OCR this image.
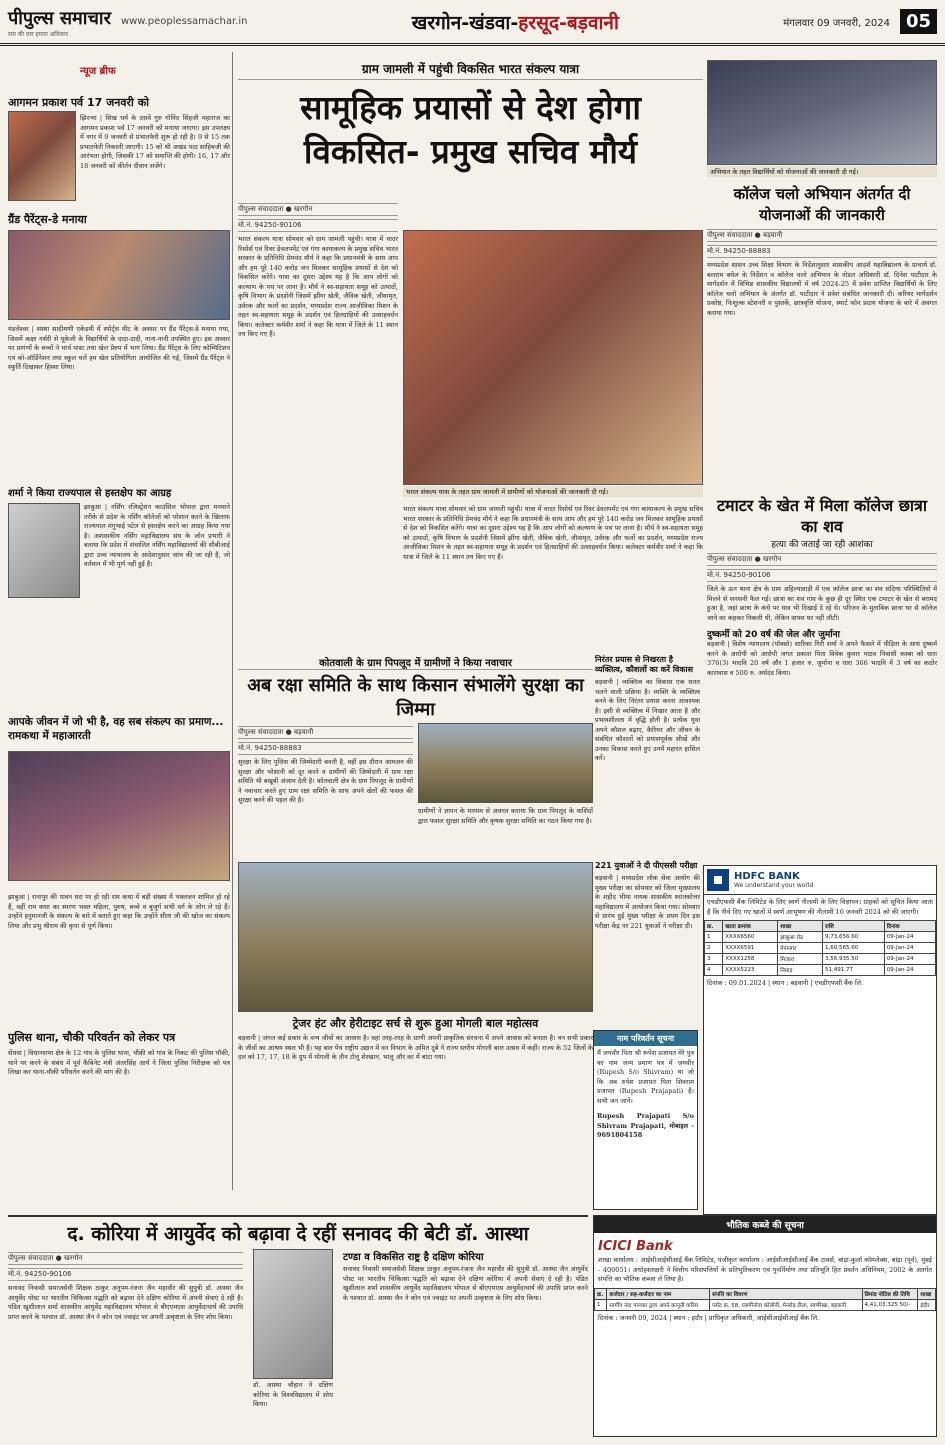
पीपुल्स समाचार
सच की धार हमारा अधिकार
www.peoplessamachar.in	खरगोन-खंडवा-हरसूद-बड़वानी	मंगलवार 09 जनवरी, 2024 05
न्यूज ब्रीफ
आगमन प्रकाश पर्व 17 जनवरी को
झिरन्या | सिख धर्म के दसवें गुरु गोविंद सिंहजी महाराज का आगमन प्रकाश पर्व 17 जनवरी को मनाया जाएगा। इस उपलक्ष्य में नगर में 9 जनवरी से प्रभातफेरी शुरू हो रही है। 9 से 15 तक प्रभातफेरी निकाली जाएगी। 15 को श्री अखंड पाठ साहिबजी की आरंभता होगी, जिसकी 17 को समाप्ति की होगी। 16, 17 और 18 जनवरी को कीर्तन दीवान सजेंगे।
ग्रैंड पैरेंट्स-डे मनाया
मंडलेश्वर | संस्था सादीमणी एकेडमी में स्पोर्ट्स मीट के अवसर पर ग्रैंड पैरेंट्स-डे मनाया गया, जिसमें कक्षा नर्सरी से यूकेजी के विद्यार्थियों के दादा-दादी, नाना-नानी उपस्थित हुए। इस अवसर पर प्रागंणों के बच्चों ने मार्च पास्ट तथा खेल प्रेरुप में भाग लिया। ग्रैंड पैरेंट्स के लिए कोम्पिटिशन एवं को-ऑर्डिनेशन तथा स्कूल चलें हम खेल प्रतियोगिता आयोजित की गई, जिसमें ग्रैंड पैरेंट्स ने स्फूर्ति दिखाकर हिस्सा लिया।
शर्मा ने किया राज्यपाल से हस्तक्षेप का आग्रह
झाबुआ | नर्सिंग रजिस्ट्रेशन काउंसिल भोपाल द्वारा मनमाने तरीके से प्रदेश के नर्सिंग कॉलेजों को परेशान करने के खिलाफ राज्यपाल मंगुभाई पटेल से हस्तक्षेप करने का आग्रह किया गया है। अशासकीय नर्सिंग महाविद्यालय संघ के जोन प्रभारी ने बताया कि प्रदेश में संचालित नर्सिंग महाविद्यालयों की सीबीआई द्वारा उच्च न्यायालय के आदेशानुसार जांच की जा रही है, जो वर्तमान में भी पूर्ण नहीं हुई है।
आपके जीवन में जो भी है, वह सब संकल्प का प्रमाण... रामकथा में महाआरती
झाबुआ | रानापुर की पावन धरा पर हो रही राम कथा में बड़ी संख्या में भक्तजन शामिल हो रहे हैं, वहीं राम कथा का स्मरण भक्त महिला, पुरुष, बच्चे व बुजुर्ग सभी वर्ग के लोग ले रहे हैं। उन्होंने हनुमानजी के संकल्प के बारे में बताते हुए कहा कि उन्होंने सीता जी की खोज का संकल्प लिया और प्रभु श्रीराम की कृपा से पूर्ण किया।
पुलिस थाना, चौकी परिवर्तन को लेकर पत्र
सेंधवा | विधानसभा क्षेत्र के 12 गांव के पुलिस थाना, चौकी को गांव के निकट की पुलिस चौकी, थाने पर करने के संबंध में पूर्व कैबिनेट मंत्री अंतरसिंह आर्य ने जिला पुलिस निरीक्षक को पत्र लिखा कर थाना-चौकी परिवर्तन करने की मांग की है।
ग्राम जामली में पहुंची विकसित भारत संकल्प यात्रा
सामूहिक प्रयासों से देश होगा विकसित- प्रमुख सचिव मौर्य
पीपुल्स संवाददाता ● खरगोन
मो.नं. 94250-90106
भारत संकल्प यात्रा सोमवार को ग्राम जामली पहुंची। यात्रा में चादर रिसोर्स एवं रिवर डेवलपमेंट एवं गंगा कायाकल्प के प्रमुख सचिव भारत सरकार के प्रतिनिधि प्रेमचंद मौर्य ने कहा कि प्रधानमंत्री के साथ आप और हम पूरे 140 करोड़ जन मिलकर सामूहिक प्रयासों से देश को विकसित करेंगे। यात्रा का दूसरा उद्देश्य यह है कि आप लोगों को कल्याण के पथ पर लाना है। मौर्य ने स्व-सहायता समूह को उत्पादों, कृषि विभाग के प्रदर्शनी जिसमें झींगा खेती, जैविक खेती, जीवामृत, उर्वरक और फलों का प्रदर्शन, मध्यप्रदेश राज्य आजीविका मिशन के तहत स्व-सहायता समूह के प्रदर्शन एवं हितग्राहियों की उत्साहवर्धन किया। कलेक्टर कर्मवीर शर्मा ने कहा कि यात्रा में जिले के 11 स्थान तय किए गए हैं।
भारत संकल्प यात्रा के तहत ग्राम जामली में ग्रामीणों को योजनाओं की जानकारी दी गई।
भारत संकल्प यात्रा सोमवार को ग्राम जामली पहुंची। यात्रा में चादर रिसोर्स एवं रिवर डेवलपमेंट एवं गंगा कायाकल्प के प्रमुख सचिव भारत सरकार के प्रतिनिधि प्रेमचंद मौर्य ने कहा कि प्रधानमंत्री के साथ आप और हम पूरे 140 करोड़ जन मिलकर सामूहिक प्रयासों से देश को विकसित करेंगे। यात्रा का दूसरा उद्देश्य यह है कि आप लोगों को कल्याण के पथ पर लाना है। मौर्य ने स्व-सहायता समूह को उत्पादों, कृषि विभाग के प्रदर्शनी जिसमें झींगा खेती, जैविक खेती, जीवामृत, उर्वरक और फलों का प्रदर्शन, मध्यप्रदेश राज्य आजीविका मिशन के तहत स्व-सहायता समूह के प्रदर्शन एवं हितग्राहियों की उत्साहवर्धन किया। कलेक्टर कर्मवीर शर्मा ने कहा कि यात्रा में जिले के 11 स्थान तय किए गए हैं।
अभियान के तहत विद्यार्थियों को योजनाओं की जानकारी दी गई।
कॉलेज चलो अभियान अंतर्गत दी योजनाओं की जानकारी
पीपुल्स संवाददाता ● बड़वानी
मो.नं. 94250-88883
मध्यप्रदेश शासन उच्च शिक्षा विभाग के निर्देशानुसार शासकीय आदर्श महाविद्यालय के प्राचार्य डॉ. बलराम बघेल के निर्देशन व कॉलेज चलो अभियान के नोडल अधिकारी डॉ. दिनेश पाटीदार के मार्गदर्शन में विभिन्न शासकीय विद्यालयों में वर्ष 2024-25 में प्रवेश प्राप्तित विद्यार्थियों के लिए कॉलेज चलो अभियान के अंतर्गत डॉ. पाटीदार ने प्रवेश संबंधित जानकारी दी। करियर मार्गदर्शन प्रकोष्ठ, निःशुल्क स्टेशनरी व पुस्तकें, छात्रवृत्ति योजना, स्मार्ट फोन प्रदाय योजना के बारे में अवगत कराया गया।
कोतवाली के ग्राम पिपलूद में ग्रामीणों ने किया नवाचार
अब रक्षा समिति के साथ किसान संभालेंगे सुरक्षा का जिम्मा
पीपुल्स संवाददाता ● बड़वानी
मो.नं. 94250-88883
सुरक्षा के लिए पुलिस की जिम्मेदारी बनती है, वहीं इस दौरान आमजन की सुरक्षा और परेशानी को दूर करने व ग्रामीणों की जिम्मेदारी में ग्राम रक्षा समिति भी बखूबी अंजाम देती है। कोतवाली क्षेत्र के ग्राम पिपलूद के ग्रामीणों ने नवाचार करते हुए ग्राम रक्षा समिति के साथ अपने खेतों की फसल की सुरक्षा करने की पहल की है।
ग्रामीणों ने ज्ञापन के माध्यम से अवगत कराया कि ग्राम पिपलूद के वाशिंदों द्वारा फसल सुरक्षा समिति और कृषक सुरक्षा समिति का गठन किया गया है।
निरंतर प्रयास से निखरता है व्यक्तित्व, कौशलों का करें विकास
बड़वानी | व्यक्तित्व का विकास एक सतत चलने वाली प्रक्रिया है। व्यक्ति के व्यक्तित्व बनने के लिए निरंतर प्रयास करना आवश्यक है। इसी से व्यक्तित्व में निखार आता है और प्रभावशीलता में वृद्धि होती है। प्रत्येक युवा अपने कौशल बढ़ाए, कैरियर और जीवन के संबंधित कौशलों को प्रयासपूर्वक सीखें और उनका विकास करते हुए उनमें महारत हासिल करें।
221 युवाओं ने दी पीएससी परीक्षा
बड़वानी | मध्यप्रदेश लोक सेवा आयोग की मुख्य परीक्षा का सोमवार को जिला मुख्यालय के शहीद भीमा नायक शासकीय स्नातकोत्तर महाविद्यालय में आयोजन किया गया। सोमवार से प्रारंभ हुई मुख्य परीक्षा के प्रथम दिन इस परीक्षा केंद्र पर 221 युवाओं ने परीक्षा दी।
टमाटर के खेत में मिला कॉलेज छात्रा का शव
हत्या की जताई जा रही आशंका
पीपुल्स संवाददाता ● खरगोन
मो.नं. 94250-90106
जिले के ऊन थाना क्षेत्र के ग्राम अहिल्यावाड़ी में एक कॉलेज छात्रा का शव संदिग्ध परिस्थितियों में मिलने से सनसनी फैल गई। छात्रा का शव गांव के कुछ ही दूर स्थित एक टमाटर के खेत से बरामद हुआ है, जहां छात्रा के कंधे पर घाव भी दिखाई दे रहे थे। परिजन के मुताबिक छात्रा घर से कॉलेज जाने का कहकर निकली थी, लेकिन वापस घर नहीं लौटी।
दुष्कर्मी को 20 वर्ष की जेल और जुर्माना
बड़वानी | विशेष न्यायालय (पॉक्सो) सारिका गिरी शर्मा ने अपने फैसले में पीड़िता के साथ दुष्कर्म करने के आरोपी को आरोपी जगत प्रकाश पिता विवेक कुमार पाठव निवासी कस्बा को धारा 376(3) भादवि 20 वर्ष और 1 हजार रु. जुर्माना व धारा 366 भादवि में 3 वर्ष का कठोर कारावास व 500 रु. अर्थदंड किया।
ट्रेजर हंट और हेरीटाइट सर्च से शुरू हुआ मोगली बाल महोत्सव
बड़वानी | जंगल कई प्रकार के वन्य जीवों का आवास है। वहां तरह-तरह के प्राणी अपनी प्राकृतिक संरचना में अपने आवास को बनाता है। वन सभी प्रकार के जीवों का आश्रय स्थल भी है। यह बात पेंच राष्ट्रीय उद्यान में वन विभाग के अमित दुबे ने राज्य स्तरीय मोगली बाल उत्सव में कहीं। राज्य के 52 जिलों के दल को 17, 17, 18 के ग्रुप में मोगली के तीन टोलू शेरखान, भालू और का में बांटा गया।
नाम परिवर्तन सूचना
मैं जयवीर पिता श्री रूपेश प्रजापत मेरे पुत्र का नाम जन्म प्रमाण पत्र में जयवीर (Rupesh S/o Shivram) था जो कि अब रुपेश प्रजापत पिता शिवराम प्रजापत (Rupesh Prajapati) है। सभी जन जानें।
Rupesh Prajapati S/o Shivram Prajapati, मोबाइल - 9691804158
HDFC BANK
We understand your world
एचडीएफसी बैंक लिमिटेड के लिए स्वर्ण नीलामी के लिए विज्ञापन। ग्राहकों को सूचित किया जाता है कि नीचे दिए गए खातों में स्वर्ण आभूषण की नीलामी 16 जनवरी 2024 को की जाएगी।
क्र.	खाता क्रमांक	शाखा	राशि	दिनांक
1	XXXX6560	झाबुआ रोड	9,73,656.60	09-Jan-24
2	XXXX6591	नेपानगर	1,60,565.60	09-Jan-24
3	XXXX1258	मिजारा	3,56,935.50	09-Jan-24
4	XXXX5223	निमाड़	51,491.77	09-Jan-24
दिनांक : 09.01.2024 | स्थान : बड़वानी | एचडीएफसी बैंक लि.
द. कोरिया में आयुर्वेद को बढ़ावा दे रहीं सनावद की बेटी डॉ. आस्था
पीपुल्स संवाददाता ● खरगोन
मो.नं. 94250-90106
सनावद निवासी समाजसेवी शिक्षक ठाकुर अनूपम-रंजना जैन महावीर की सुपुत्री डॉ. आस्था जैन आयुर्वेद पोस्ट पर भारतीय चिकित्सा पद्धति को बढ़ावा देने दक्षिण कोरिया में अपनी सेवाएं दे रही है। पंडित खुशीलाल शर्मा शासकीय आयुर्वेद महाविद्यालय भोपाल से बीएएमएस आयुर्वेदाचार्य की उपाधि प्राप्त करने के पश्चात डॉ. आस्था जैन ने कोन एवं ज्वाइंट पर अपनी उत्कृष्टता के लिए शोध किया।
डॉ. आस्था चौहान ने दक्षिण कोरिया के विश्वविद्यालय में शोध किया।
टण्डा व विकसित राष्ट्र है दक्षिण कोरिया
सनावद निवासी समाजसेवी शिक्षक ठाकुर अनूपम-रंजना जैन महावीर की सुपुत्री डॉ. आस्था जैन आयुर्वेद पोस्ट पर भारतीय चिकित्सा पद्धति को बढ़ावा देने दक्षिण कोरिया में अपनी सेवाएं दे रही है। पंडित खुशीलाल शर्मा शासकीय आयुर्वेद महाविद्यालय भोपाल से बीएएमएस आयुर्वेदाचार्य की उपाधि प्राप्त करने के पश्चात डॉ. आस्था जैन ने कोन एवं ज्वाइंट पर अपनी उत्कृष्टता के लिए शोध किया।
भौतिक कब्जे की सूचना
ICICI Bank
शाखा कार्यालय : आईसीआईसीआई बैंक लिमिटेड, पंजीकृत कार्यालय : आईसीआईसीआई बैंक टावर्स, बांद्रा-कुर्ला कॉम्प्लेक्स, बांद्रा (पूर्व), मुंबई - 400051। अधोहस्ताक्षरी ने वित्तीय परिसंपत्तियों के प्रतिभूतिकरण एवं पुनर्निर्माण तथा प्रतिभूति हित प्रवर्तन अधिनियम, 2002 के अंतर्गत संपत्ति का भौतिक कब्जा ले लिया है।
क्र.	कर्जदार / सह-कर्जदार का नाम	संपत्ति का विवरण	डिमांड नोटिस की तिथि	शाखा
1	स्वर्गीय नंदा पानकर द्वारा अपने कानूनी वारिस	प्लॉट क्र. 58, एसपीनोवा कॉलोनी, मेनरोड़ टीला, स्वर्णरेखा, बड़वानी	4,41,03,325.50/-	इंदौर
दिनांक : जनवरी 09, 2024 | स्थान : इंदौर | प्राधिकृत अधिकारी, आईसीआईसीआई बैंक लि.
